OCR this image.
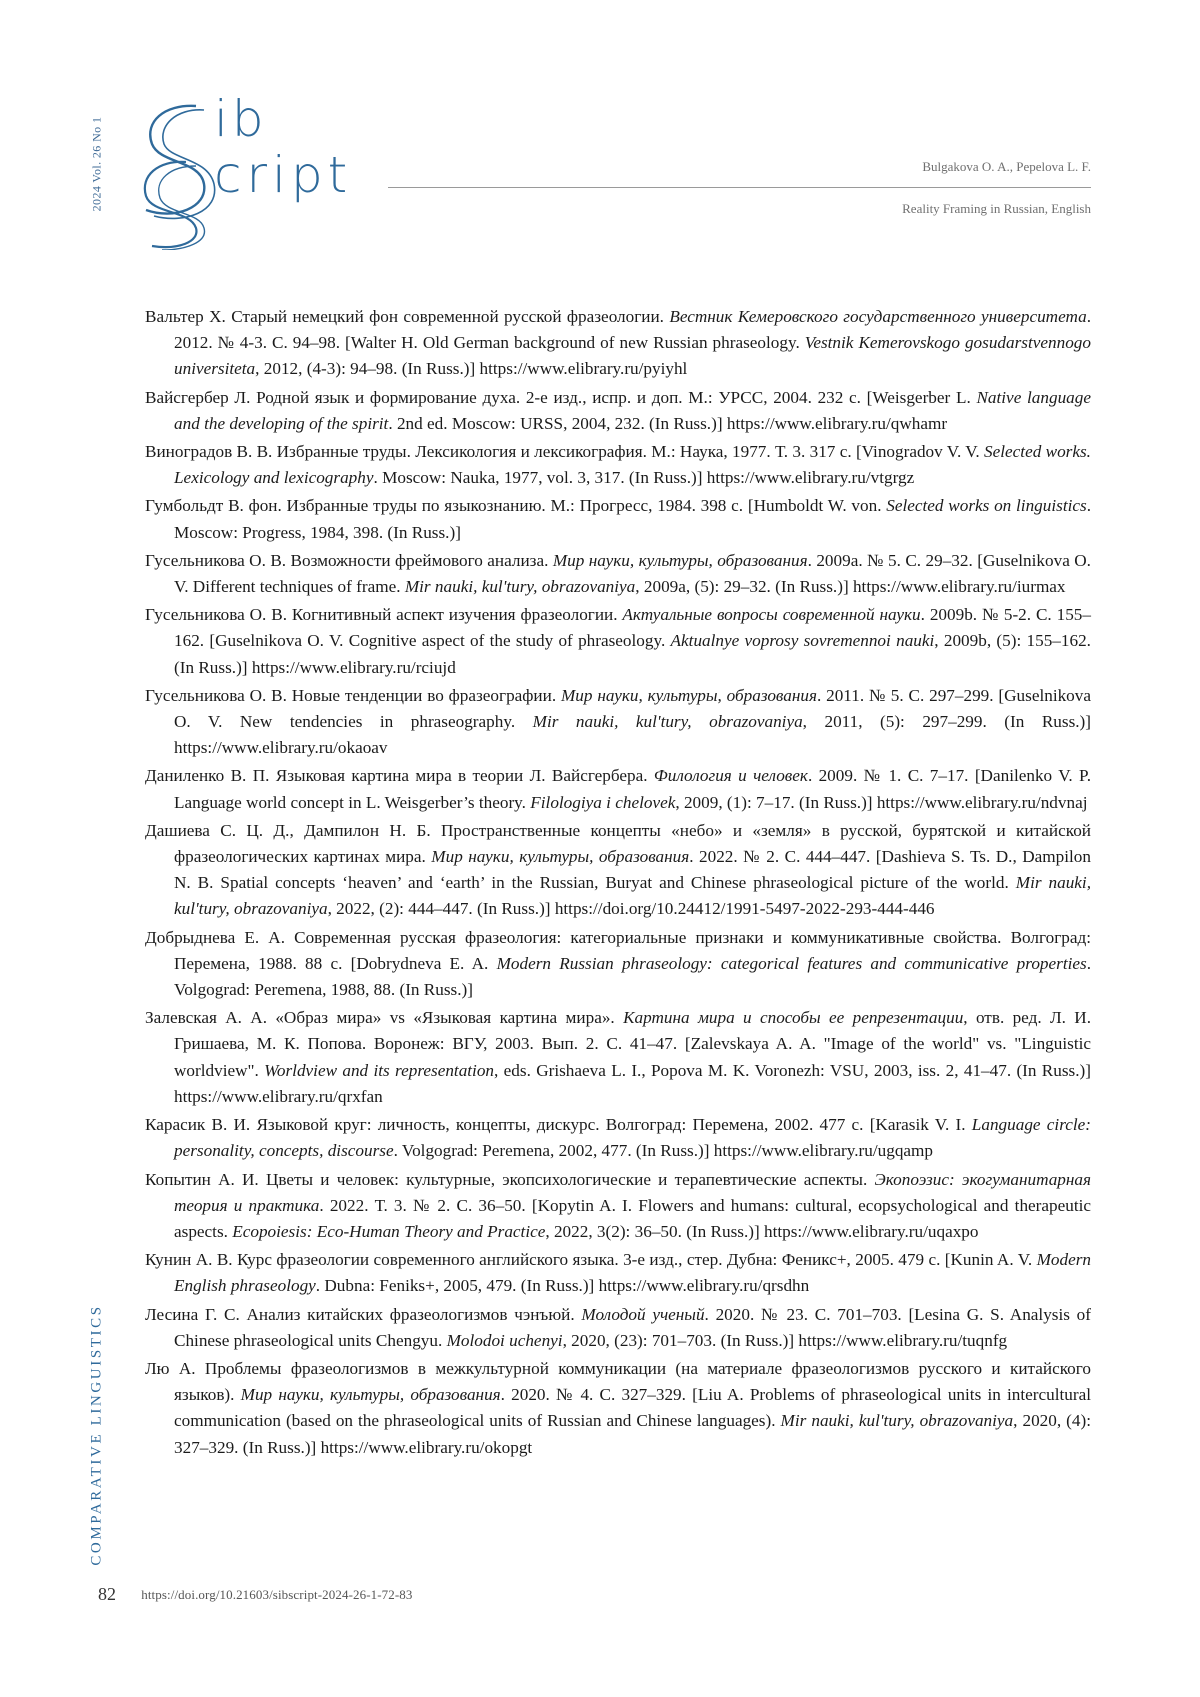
2024 Vol. 26 No 1 ib
cript	Bulgakova O. A., Pepelova L. F.
Reality Framing in Russian, English
Вальтер Х. Старый немецкий фон современной русской фразеологии. Вестник Кемеровского государственного университета. 2012. № 4-3. С. 94–98. [Walter H. Old German background of new Russian phraseology. Vestnik Kemerovskogo gosudarstvennogo universiteta, 2012, (4-3): 94–98. (In Russ.)] https://www.elibrary.ru/pyiyhl
Вайсгербер Л. Родной язык и формирование духа. 2-е изд., испр. и доп. М.: УРСС, 2004. 232 с. [Weisgerber L. Native language and the developing of the spirit. 2nd ed. Moscow: URSS, 2004, 232. (In Russ.)] https://www.elibrary.ru/qwhamr
Виноградов В. В. Избранные труды. Лексикология и лексикография. М.: Наука, 1977. Т. 3. 317 с. [Vinogradov V. V. Selected works. Lexicology and lexicography. Moscow: Nauka, 1977, vol. 3, 317. (In Russ.)] https://www.elibrary.ru/vtgrgz
Гумбольдт В. фон. Избранные труды по языкознанию. М.: Прогресс, 1984. 398 с. [Humboldt W. von. Selected works on linguistics. Moscow: Progress, 1984, 398. (In Russ.)]
Гусельникова О. В. Возможности фреймового анализа. Мир науки, культуры, образования. 2009a. № 5. С. 29–32. [Guselnikova O. V. Different techniques of frame. Mir nauki, kul'tury, obrazovaniya, 2009a, (5): 29–32. (In Russ.)] https://www.elibrary.ru/iurmax
Гусельникова О. В. Когнитивный аспект изучения фразеологии. Актуальные вопросы современной науки. 2009b. № 5-2. С. 155–162. [Guselnikova O. V. Cognitive aspect of the study of phraseology. Aktualnye voprosy sovremennoi nauki, 2009b, (5): 155–162. (In Russ.)] https://www.elibrary.ru/rciujd
Гусельникова О. В. Новые тенденции во фразеографии. Мир науки, культуры, образования. 2011. № 5. С. 297–299. [Guselnikova O. V. New tendencies in phraseography. Mir nauki, kul'tury, obrazovaniya, 2011, (5): 297–299. (In Russ.)] https://www.elibrary.ru/okaoav
Даниленко В. П. Языковая картина мира в теории Л. Вайсгербера. Филология и человек. 2009. № 1. С. 7–17. [Danilenko V. P. Language world concept in L. Weisgerber’s theory. Filologiya i chelovek, 2009, (1): 7–17. (In Russ.)] https://www.elibrary.ru/ndvnaj
Дашиева С. Ц. Д., Дампилон Н. Б. Пространственные концепты «небо» и «земля» в русской, бурятской и китайской фразеологических картинах мира. Мир науки, культуры, образования. 2022. № 2. С. 444–447. [Dashieva S. Ts. D., Dampilon N. B. Spatial concepts ‘heaven’ and ‘earth’ in the Russian, Buryat and Chinese phraseological picture of the world. Mir nauki, kul'tury, obrazovaniya, 2022, (2): 444–447. (In Russ.)] https://doi.org/10.24412/1991-5497-2022-293-444-446
Добрыднева Е. А. Современная русская фразеология: категориальные признаки и коммуникативные свойства. Волгоград: Перемена, 1988. 88 с. [Dobrydneva E. A. Modern Russian phraseology: categorical features and communicative properties. Volgograd: Peremena, 1988, 88. (In Russ.)]
Залевская А. А. «Образ мира» vs «Языковая картина мира». Картина мира и способы ее репрезентации, отв. ред. Л. И. Гришаева, М. К. Попова. Воронеж: ВГУ, 2003. Вып. 2. С. 41–47. [Zalevskaya A. A. "Image of the world" vs. "Linguistic worldview". Worldview and its representation, eds. Grishaeva L. I., Popova M. K. Voronezh: VSU, 2003, iss. 2, 41–47. (In Russ.)] https://www.elibrary.ru/qrxfan
Карасик В. И. Языковой круг: личность, концепты, дискурс. Волгоград: Перемена, 2002. 477 с. [Karasik V. I. Language circle: personality, concepts, discourse. Volgograd: Peremena, 2002, 477. (In Russ.)] https://www.elibrary.ru/ugqamp
Копытин А. И. Цветы и человек: культурные, экопсихологические и терапевтические аспекты. Экопоэзис: экогуманитарная теория и практика. 2022. Т. 3. № 2. С. 36–50. [Kopytin A. I. Flowers and humans: cultural, ecopsychological and therapeutic aspects. Ecopoiesis: Eco-Human Theory and Practice, 2022, 3(2): 36–50. (In Russ.)] https://www.elibrary.ru/uqaxpo
Кунин А. В. Курс фразеологии современного английского языка. 3-е изд., стер. Дубна: Феникс+, 2005. 479 с. [Kunin A. V. Modern English phraseology. Dubna: Feniks+, 2005, 479. (In Russ.)] https://www.elibrary.ru/qrsdhn
Лесина Г. С. Анализ китайских фразеологизмов чэнъюй. Молодой ученый. 2020. № 23. С. 701–703. [Lesina G. S. Analysis of Chinese phraseological units Chengyu. Molodoi uchenyi, 2020, (23): 701–703. (In Russ.)] https://www.elibrary.ru/tuqnfg
Лю А. Проблемы фразеологизмов в межкультурной коммуникации (на материале фразеологизмов русского и китайского языков). Мир науки, культуры, образования. 2020. № 4. С. 327–329. [Liu A. Problems of phraseological units in intercultural communication (based on the phraseological units of Russian and Chinese languages). Mir nauki, kul'tury, obrazovaniya, 2020, (4): 327–329. (In Russ.)] https://www.elibrary.ru/okopgt
COMPARATIVE LINGUISTICS
82 https://doi.org/10.21603/sibscript-2024-26-1-72-83
